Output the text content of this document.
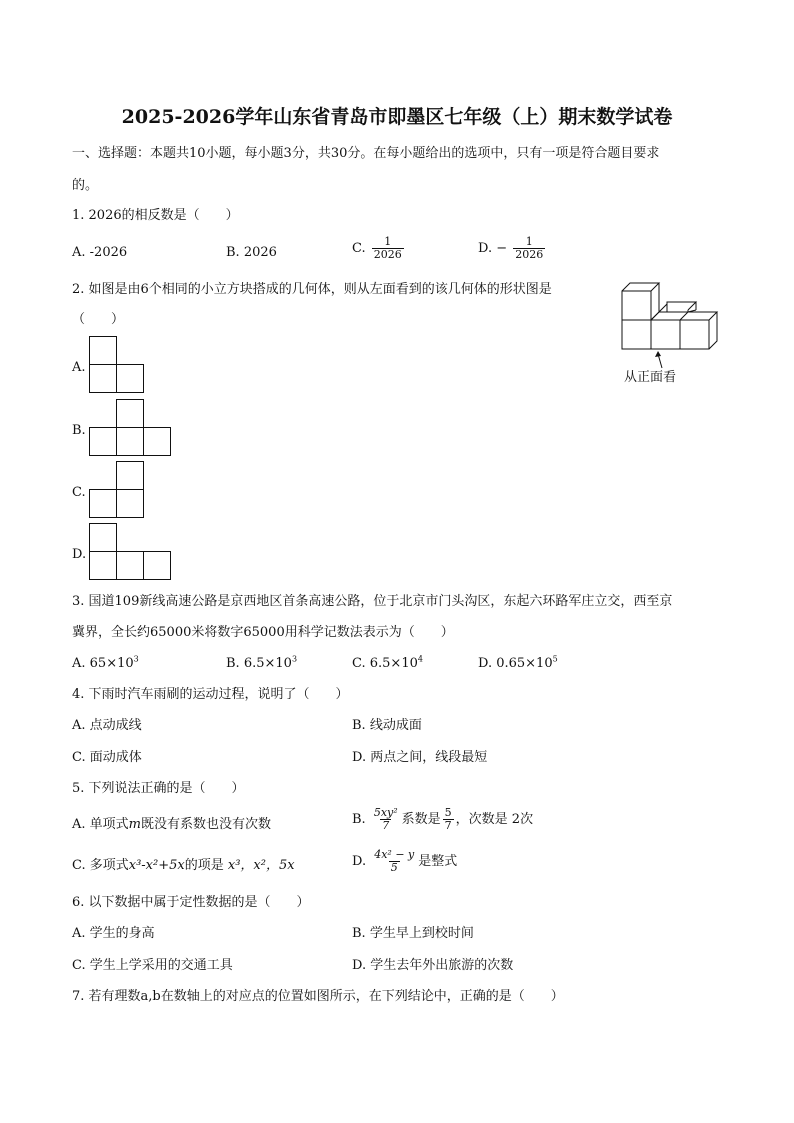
2025-2026学年山东省青岛市即墨区七年级（上）期末数学试卷
一、选择题：本题共10小题，每小题3分，共30分。在每小题给出的选项中，只有一项是符合题目要求
的。
1. 2026的相反数是（　　）
A. -2026	B. 2026	C. $\frac{1}{2026}$	D. − $\frac{1}{2026}$
2. 如图是由6个相同的小立方块搭成的几何体，则从左面看到的该几何体的形状图是
（　　）
从正面看
A.
B.
C.
D.
3. 国道109新线高速公路是京西地区首条高速公路，位于北京市门头沟区，东起六环路军庄立交，西至京
冀界，全长约65000米将数字65000用科学记数法表示为（　　）
A. $65\times 10^3$	B. $6.5\times 10^3$	C. $6.5\times 10^4$	D. $0.65\times 10^5$
4. 下雨时汽车雨刷的运动过程，说明了（　　）
A. 点动成线	B. 线动成面
C. 面动成体	D. 两点之间，线段最短
5. 下列说法正确的是（　　）
A. 单项式m既没有系数也没有次数	B. $\frac{\text{5xy²}}{7}$ 系数是 $\frac{5}{7}$ ，次数是 2次
C. 多项式x³-x²+5x的项是 x³，x²，5x	D. $\frac{\text{4x² − y}}{5}$ 是整式
6. 以下数据中属于定性数据的是（　　）
A. 学生的身高	B. 学生早上到校时间
C. 学生上学采用的交通工具	D. 学生去年外出旅游的次数
7. 若有理数a,b在数轴上的对应点的位置如图所示，在下列结论中，正确的是（　　）
